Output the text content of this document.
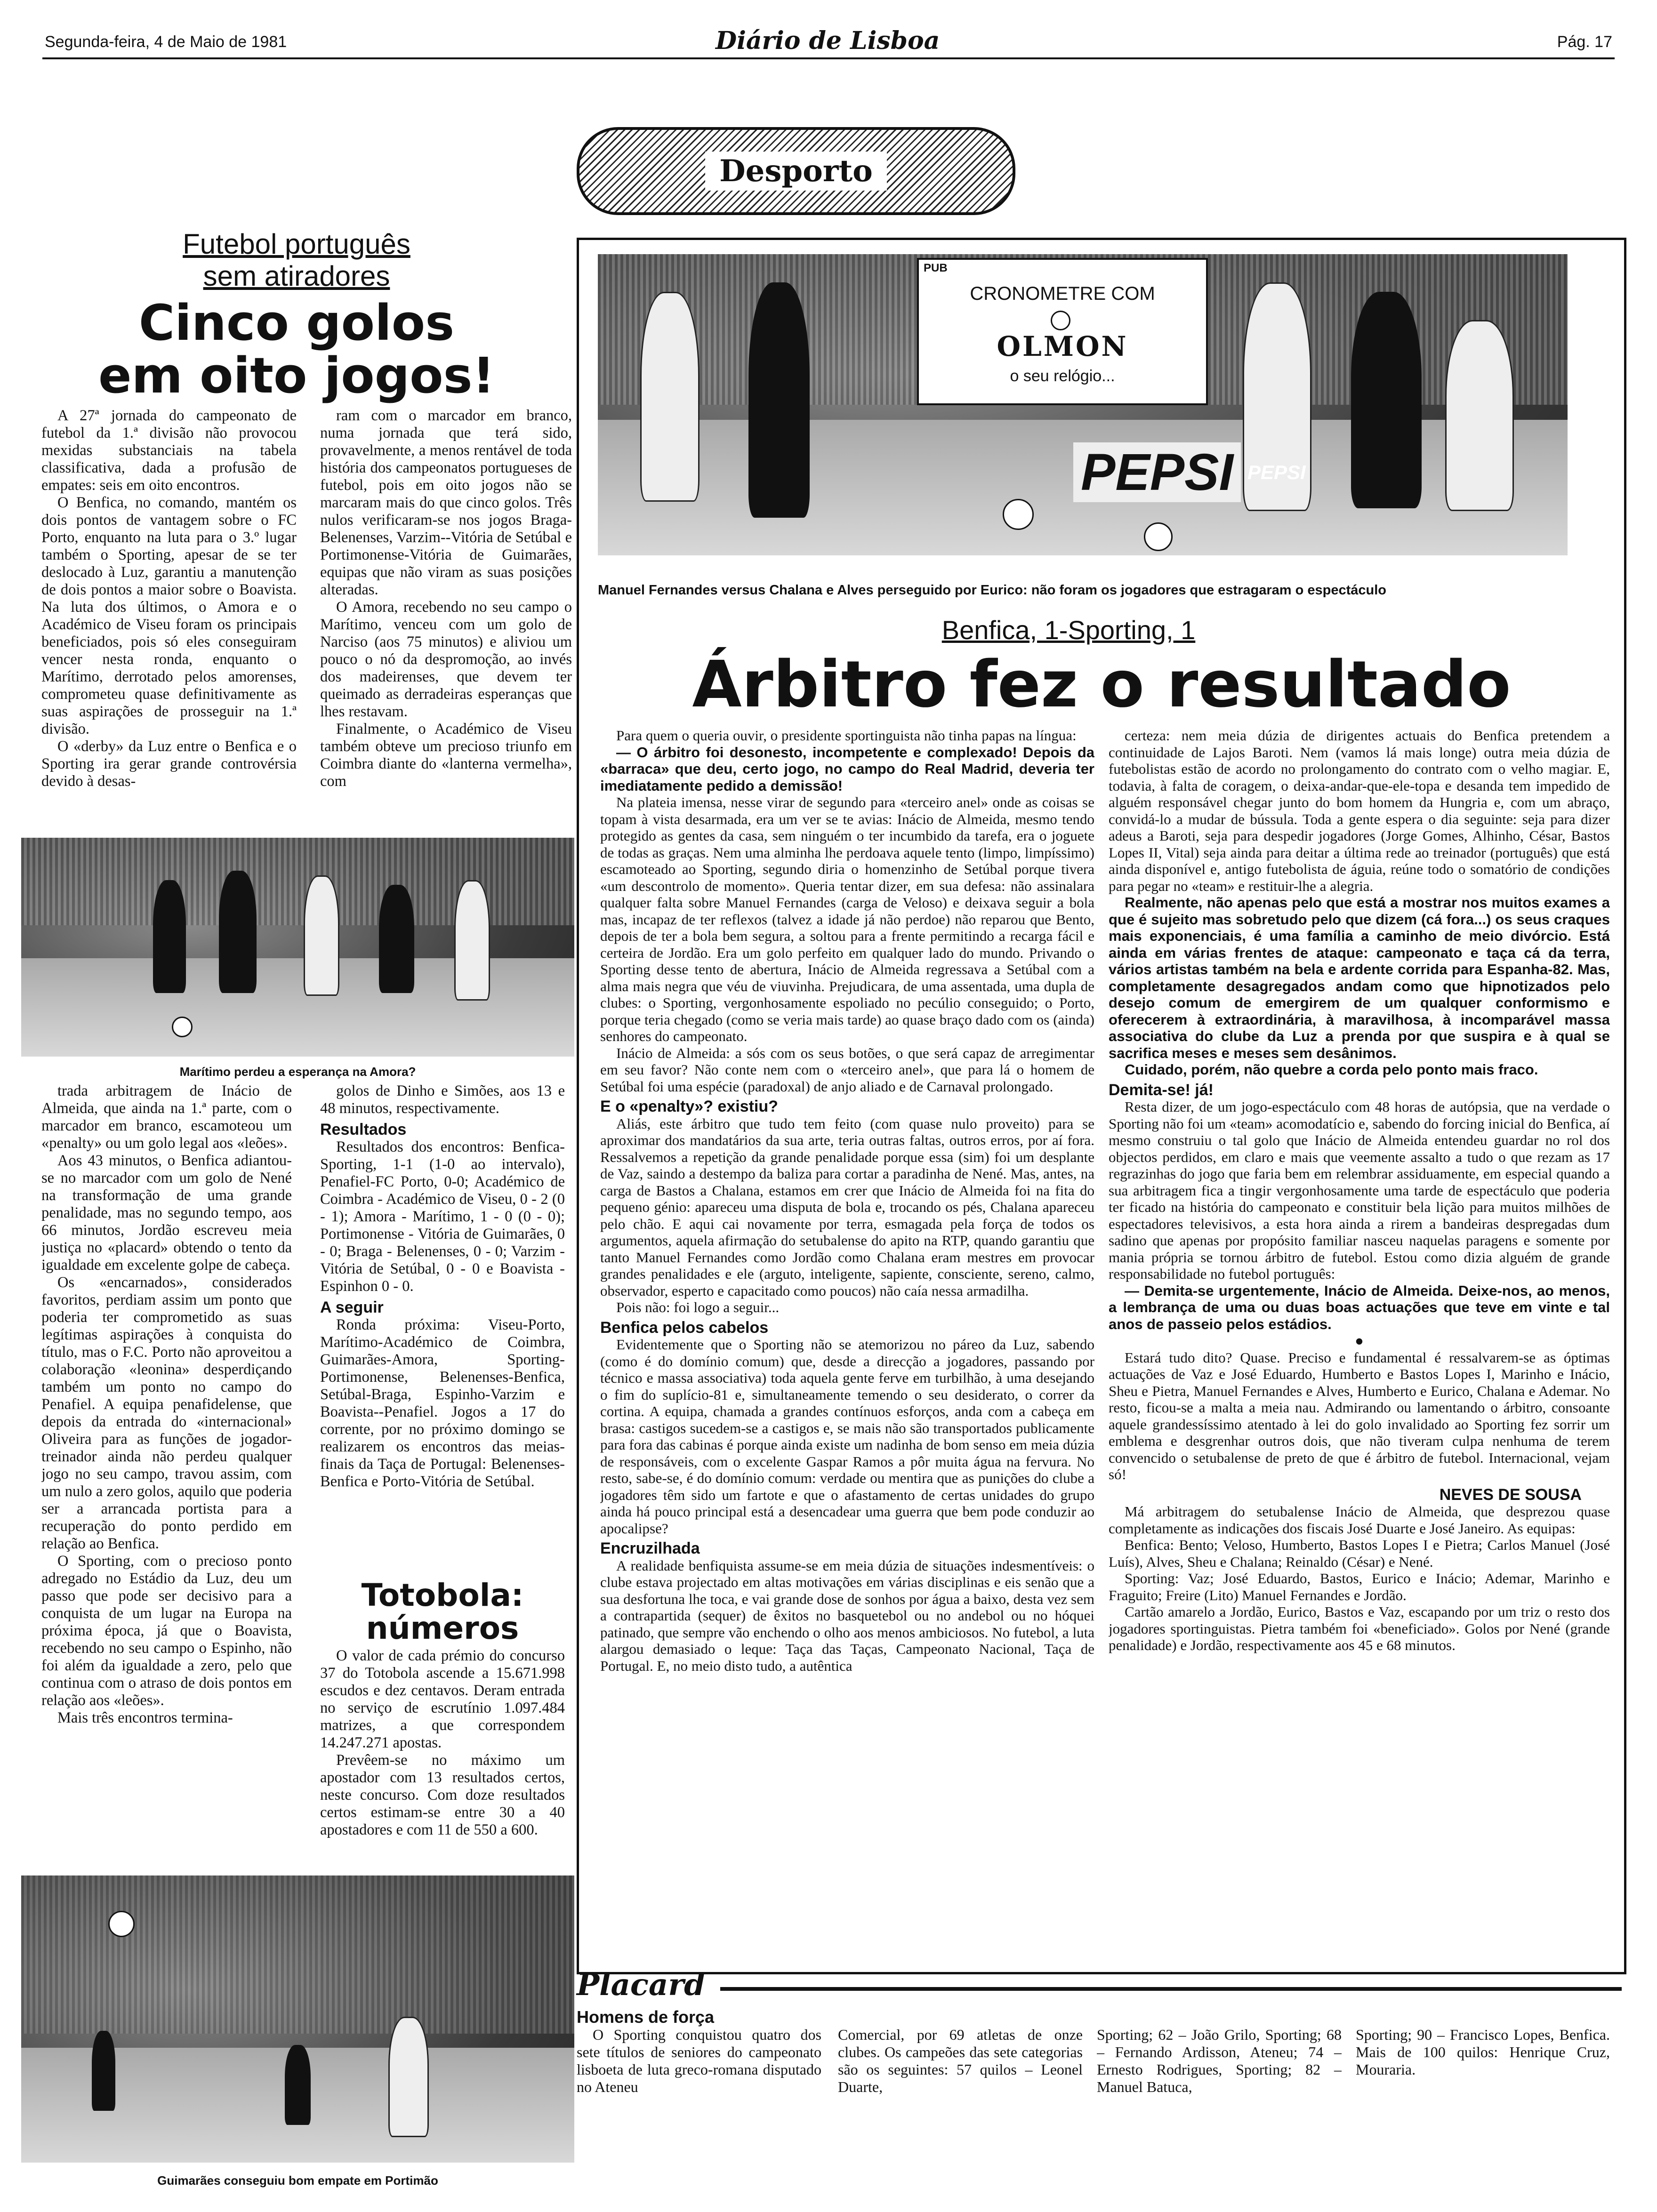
Segunda-feira, 4 de Maio de 1981	Diário de Lisboa	Pág. 17
Desporto
Futebol português
sem atiradores
Cinco golos
em oito jogos!

A 27ª jornada do campeonato de futebol da 1.ª divisão não provocou mexidas substanciais na tabela classificativa, dada a profusão de empates: seis em oito encontros.

O Benfica, no comando, mantém os dois pontos de vantagem sobre o FC Porto, enquanto na luta para o 3.º lugar também o Sporting, apesar de se ter deslocado à Luz, garantiu a manutenção de dois pontos a maior sobre o Boavista. Na luta dos últimos, o Amora e o Académico de Viseu foram os principais beneficiados, pois só eles conseguiram vencer nesta ronda, enquanto o Marítimo, derrotado pelos amorenses, comprometeu quase definitivamente as suas aspirações de prosseguir na 1.ª divisão.

O «derby» da Luz entre o Benfica e o Sporting ira gerar grande controvérsia devido à desas-

ram com o marcador em branco, numa jornada que terá sido, provavelmente, a menos rentável de toda história dos campeonatos portugueses de futebol, pois em oito jogos não se marcaram mais do que cinco golos. Três nulos verificaram-se nos jogos Braga-Belenenses, Varzim--Vitória de Setúbal e Portimonense-Vitória de Guimarães, equipas que não viram as suas posições alteradas.

O Amora, recebendo no seu campo o Marítimo, venceu com um golo de Narciso (aos 75 minutos) e aliviou um pouco o nó da despromoção, ao invés dos madeirenses, que devem ter queimado as derradeiras esperanças que lhes restavam.

Finalmente, o Académico de Viseu também obteve um precioso triunfo em Coimbra diante do «lanterna vermelha», com

Marítimo perdeu a esperança na Amora?

trada arbitragem de Inácio de Almeida, que ainda na 1.ª parte, com o marcador em branco, escamoteou um «penalty» ou um golo legal aos «leões».

Aos 43 minutos, o Benfica adiantou-se no marcador com um golo de Nené na transformação de uma grande penalidade, mas no segundo tempo, aos 66 minutos, Jordão escreveu meia justiça no «placard» obtendo o tento da igualdade em excelente golpe de cabeça.

Os «encarnados», considerados favoritos, perdiam assim um ponto que poderia ter comprometido as suas legítimas aspirações à conquista do título, mas o F.C. Porto não aproveitou a colaboração «leonina» desperdiçando também um ponto no campo do Penafiel. A equipa penafidelense, que depois da entrada do «internacional» Oliveira para as funções de jogador-treinador ainda não perdeu qualquer jogo no seu campo, travou assim, com um nulo a zero golos, aquilo que poderia ser a arrancada portista para a recuperação do ponto perdido em relação ao Benfica.

O Sporting, com o precioso ponto adregado no Estádio da Luz, deu um passo que pode ser decisivo para a conquista de um lugar na Europa na próxima época, já que o Boavista, recebendo no seu campo o Espinho, não foi além da igualdade a zero, pelo que continua com o atraso de dois pontos em relação aos «leões».

Mais três encontros termina-

golos de Dinho e Simões, aos 13 e 48 minutos, respectivamente.

Resultados

Resultados dos encontros: Benfica-Sporting, 1-1 (1-0 ao intervalo), Penafiel-FC Porto, 0-0; Académico de Coimbra - Académico de Viseu, 0 - 2 (0 - 1); Amora - Marítimo, 1 - 0 (0 - 0); Portimonense - Vitória de Guimarães, 0 - 0; Braga - Belenenses, 0 - 0; Varzim - Vitória de Setúbal, 0 - 0 e Boavista - Espinhon 0 - 0.

A seguir

Ronda próxima: Viseu-Porto, Marítimo-Académico de Coimbra, Guimarães-Amora, Sporting-Portimonense, Belenenses-Benfica, Setúbal-Braga, Espinho-Varzim e Boavista--Penafiel. Jogos a 17 do corrente, por no próximo domingo se realizarem os encontros das meias-finais da Taça de Portugal: Belenenses-Benfica e Porto-Vitória de Setúbal.

Totobola:
números

O valor de cada prémio do concurso 37 do Totobola ascende a 15.671.998 escudos e dez centavos. Deram entrada no serviço de escrutínio 1.097.484 matrizes, a que correspondem 14.247.271 apostas.

Prevêem-se no máximo um apostador com 13 resultados certos, neste concurso. Com doze resultados certos estimam-se entre 30 a 40 apostadores e com 11 de 550 a 600.

Guimarães conseguiu bom empate em Portimão
PEPSI PEPSI
PUB
CRONOMETRE COM
OLMON
o seu relógio...
Manuel Fernandes versus Chalana e Alves perseguido por Eurico: não foram os jogadores que estragaram o espectáculo
Benfica, 1-Sporting, 1
Árbitro fez o resultado

Para quem o queria ouvir, o presidente sportinguista não tinha papas na língua:

— O árbitro foi desonesto, incompetente e complexado! Depois da «barraca» que deu, certo jogo, no campo do Real Madrid, deveria ter imediatamente pedido a demissão!

Na plateia imensa, nesse virar de segundo para «terceiro anel» onde as coisas se topam à vista desarmada, era um ver se te avias: Inácio de Almeida, mesmo tendo protegido as gentes da casa, sem ninguém o ter incumbido da tarefa, era o joguete de todas as graças. Nem uma alminha lhe perdoava aquele tento (limpo, limpíssimo) escamoteado ao Sporting, segundo diria o homenzinho de Setúbal porque tivera «um descontrolo de momento». Queria tentar dizer, em sua defesa: não assinalara qualquer falta sobre Manuel Fernandes (carga de Veloso) e deixava seguir a bola mas, incapaz de ter reflexos (talvez a idade já não perdoe) não reparou que Bento, depois de ter a bola bem segura, a soltou para a frente permitindo a recarga fácil e certeira de Jordão. Era um golo perfeito em qualquer lado do mundo. Privando o Sporting desse tento de abertura, Inácio de Almeida regressava a Setúbal com a alma mais negra que véu de viuvinha. Prejudicara, de uma assentada, uma dupla de clubes: o Sporting, vergonhosamente espoliado no pecúlio conseguido; o Porto, porque teria chegado (como se veria mais tarde) ao quase braço dado com os (ainda) senhores do campeonato.

Inácio de Almeida: a sós com os seus botões, o que será capaz de arregimentar em seu favor? Não conte nem com o «terceiro anel», que para lá o homem de Setúbal foi uma espécie (paradoxal) de anjo aliado e de Carnaval prolongado.

E o «penalty»? existiu?

Aliás, este árbitro que tudo tem feito (com quase nulo proveito) para se aproximar dos mandatários da sua arte, teria outras faltas, outros erros, por aí fora. Ressalvemos a repetição da grande penalidade porque essa (sim) foi um desplante de Vaz, saindo a destempo da baliza para cortar a paradinha de Nené. Mas, antes, na carga de Bastos a Chalana, estamos em crer que Inácio de Almeida foi na fita do pequeno génio: apareceu uma disputa de bola e, trocando os pés, Chalana apareceu pelo chão. E aqui cai novamente por terra, esmagada pela força de todos os argumentos, aquela afirmação do setubalense do apito na RTP, quando garantiu que tanto Manuel Fernandes como Jordão como Chalana eram mestres em provocar grandes penalidades e ele (arguto, inteligente, sapiente, consciente, sereno, calmo, observador, esperto e capacitado como poucos) não caía nessa armadilha.

Pois não: foi logo a seguir...

Benfica pelos cabelos

Evidentemente que o Sporting não se atemorizou no páreo da Luz, sabendo (como é do domínio comum) que, desde a direcção a jogadores, passando por técnico e massa associativa) toda aquela gente ferve em turbilhão, à uma desejando o fim do suplício-81 e, simultaneamente temendo o seu desiderato, o correr da cortina. A equipa, chamada a grandes contínuos esforços, anda com a cabeça em brasa: castigos sucedem-se a castigos e, se mais não são transportados publicamente para fora das cabinas é porque ainda existe um nadinha de bom senso em meia dúzia de responsáveis, com o excelente Gaspar Ramos a pôr muita água na fervura. No resto, sabe-se, é do domínio comum: verdade ou mentira que as punições do clube a jogadores têm sido um fartote e que o afastamento de certas unidades do grupo ainda há pouco principal está a desencadear uma guerra que bem pode conduzir ao apocalipse?

Encruzilhada

A realidade benfiquista assume-se em meia dúzia de situações indesmentíveis: o clube estava projectado em altas motivações em várias disciplinas e eis senão que a sua desfortuna lhe toca, e vai grande dose de sonhos por água a baixo, desta vez sem a contrapartida (sequer) de êxitos no basquetebol ou no andebol ou no hóquei patinado, que sempre vão enchendo o olho aos menos ambiciosos. No futebol, a luta alargou demasiado o leque: Taça das Taças, Campeonato Nacional, Taça de Portugal. E, no meio disto tudo, a autêntica

certeza: nem meia dúzia de dirigentes actuais do Benfica pretendem a continuidade de Lajos Baroti. Nem (vamos lá mais longe) outra meia dúzia de futebolistas estão de acordo no prolongamento do contrato com o velho magiar. E, todavia, à falta de coragem, o deixa-andar-que-ele-topa e desanda tem impedido de alguém responsável chegar junto do bom homem da Hungria e, com um abraço, convidá-lo a mudar de bússula. Toda a gente espera o dia seguinte: seja para dizer adeus a Baroti, seja para despedir jogadores (Jorge Gomes, Alhinho, César, Bastos Lopes II, Vital) seja ainda para deitar a última rede ao treinador (português) que está ainda disponível e, antigo futebolista de águia, reúne todo o somatório de condições para pegar no «team» e restituir-lhe a alegria.

Realmente, não apenas pelo que está a mostrar nos muitos exames a que é sujeito mas sobretudo pelo que dizem (cá fora...) os seus craques mais exponenciais, é uma família a caminho de meio divórcio. Está ainda em várias frentes de ataque: campeonato e taça cá da terra, vários artistas também na bela e ardente corrida para Espanha-82. Mas, completamente desagregados andam como que hipnotizados pelo desejo comum de emergirem de um qualquer conformismo e oferecerem à extraordinária, à maravilhosa, à incomparável massa associativa do clube da Luz a prenda por que suspira e à qual se sacrifica meses e meses sem desânimos.

Cuidado, porém, não quebre a corda pelo ponto mais fraco.

Demita-se! já!

Resta dizer, de um jogo-espectáculo com 48 horas de autópsia, que na verdade o Sporting não foi um «team» acomodatício e, sabendo do forcing inicial do Benfica, aí mesmo construiu o tal golo que Inácio de Almeida entendeu guardar no rol dos objectos perdidos, em claro e mais que veemente assalto a tudo o que rezam as 17 regrazinhas do jogo que faria bem em relembrar assiduamente, em especial quando a sua arbitragem fica a tingir vergonhosamente uma tarde de espectáculo que poderia ter ficado na história do campeonato e constituir bela lição para muitos milhões de espectadores televisivos, a esta hora ainda a rirem a bandeiras despregadas dum sadino que apenas por propósito familiar nasceu naquelas paragens e somente por mania própria se tornou árbitro de futebol. Estou como dizia alguém de grande responsabilidade no futebol português:

— Demita-se urgentemente, Inácio de Almeida. Deixe-nos, ao menos, a lembrança de uma ou duas boas actuações que teve em vinte e tal anos de passeio pelos estádios.

●

Estará tudo dito? Quase. Preciso e fundamental é ressalvarem-se as óptimas actuações de Vaz e José Eduardo, Humberto e Bastos Lopes I, Marinho e Inácio, Sheu e Pietra, Manuel Fernandes e Alves, Humberto e Eurico, Chalana e Ademar. No resto, ficou-se a malta a meia nau. Admirando ou lamentando o árbitro, consoante aquele grandessíssimo atentado à lei do golo invalidado ao Sporting fez sorrir um emblema e desgrenhar outros dois, que não tiveram culpa nenhuma de terem convencido o setubalense de preto de que é árbitro de futebol. Internacional, vejam só!

NEVES DE SOUSA

Má arbitragem do setubalense Inácio de Almeida, que desprezou quase completamente as indicações dos fiscais José Duarte e José Janeiro. As equipas:

Benfica: Bento; Veloso, Humberto, Bastos Lopes I e Pietra; Carlos Manuel (José Luís), Alves, Sheu e Chalana; Reinaldo (César) e Nené.

Sporting: Vaz; José Eduardo, Bastos, Eurico e Inácio; Ademar, Marinho e Fraguito; Freire (Lito) Manuel Fernandes e Jordão.

Cartão amarelo a Jordão, Eurico, Bastos e Vaz, escapando por um triz o resto dos jogadores sportinguistas. Pietra também foi «beneficiado». Golos por Nené (grande penalidade) e Jordão, respectivamente aos 45 e 68 minutos.

Placard
Homens de força

O Sporting conquistou quatro dos sete títulos de seniores do campeonato lisboeta de luta greco-romana disputado no Ateneu

Comercial, por 69 atletas de onze clubes. Os campeões das sete categorias são os seguintes: 57 quilos – Leonel Duarte,

Sporting; 62 – João Grilo, Sporting; 68 – Fernando Ardisson, Ateneu; 74 – Ernesto Rodrigues, Sporting; 82 – Manuel Batuca,

Sporting; 90 – Francisco Lopes, Benfica. Mais de 100 quilos: Henrique Cruz, Mouraria.
